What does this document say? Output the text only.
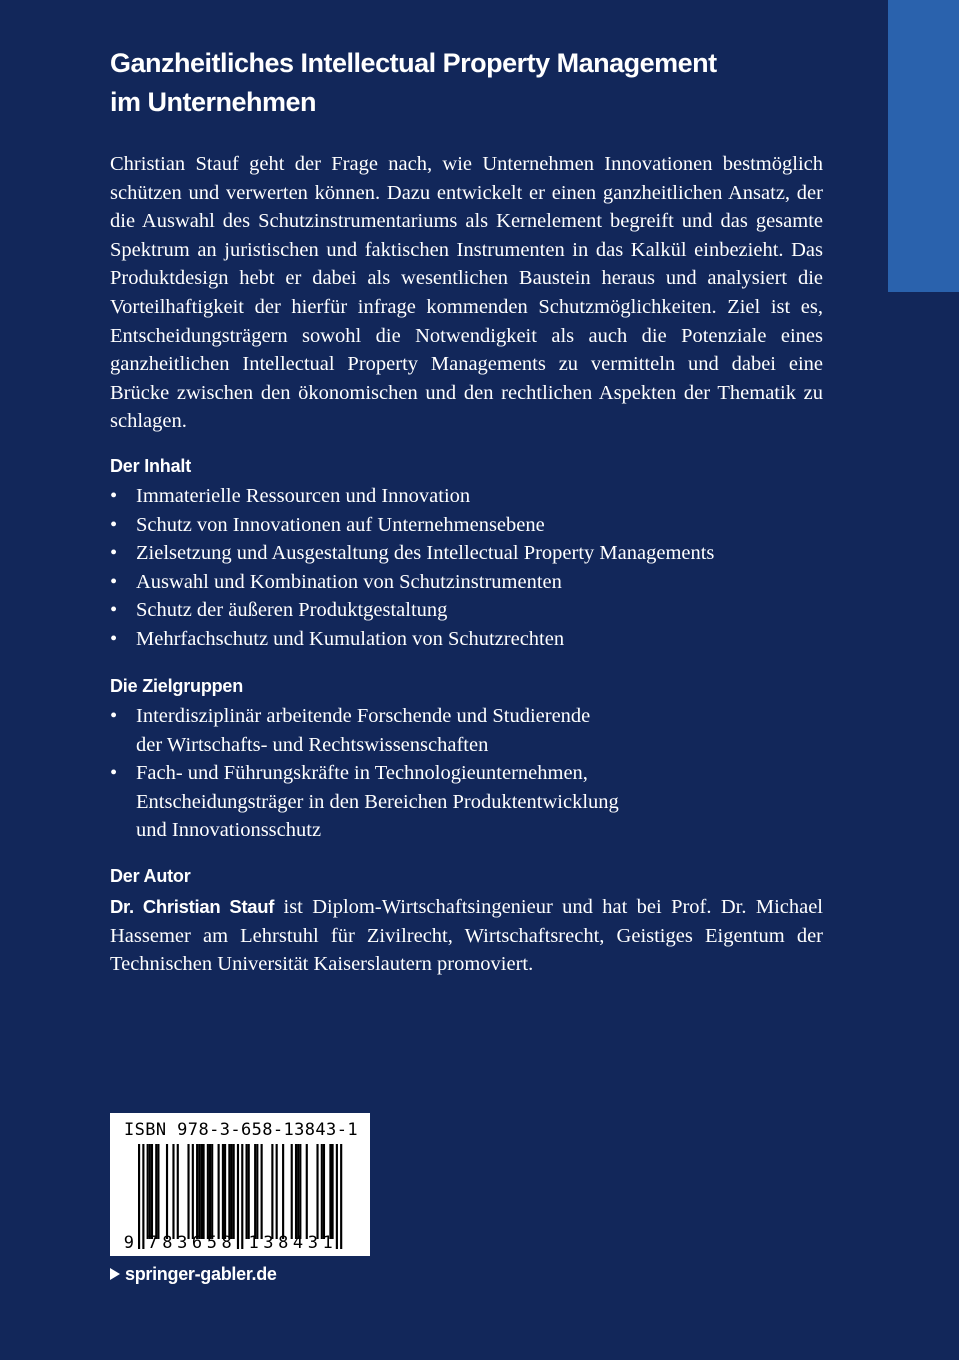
Ganzheitliches Intellectual Property Management
im Unternehmen

Christian Stauf geht der Frage nach, wie Unternehmen Innovationen bestmöglich schützen und verwerten können. Dazu entwickelt er einen ganzheitlichen Ansatz, der die Auswahl des Schutzinstrumentariums als Kernelement begreift und das gesamte Spektrum an juristischen und faktischen Instrumenten in das Kalkül einbezieht. Das Produktdesign hebt er dabei als wesentlichen Baustein heraus und analysiert die Vorteilhaftigkeit der hierfür infrage kommenden Schutzmöglichkeiten. Ziel ist es, Entscheidungsträgern sowohl die Notwendigkeit als auch die Potenziale eines ganzheitlichen Intellectual Property Managements zu vermitteln und dabei eine Brücke zwischen den ökonomischen und den rechtlichen Aspekten der Thematik zu schlagen.

Der Inhalt
• Immaterielle Ressourcen und Innovation
• Schutz von Innovationen auf Unternehmensebene
• Zielsetzung und Ausgestaltung des Intellectual Property Managements
• Auswahl und Kombination von Schutzinstrumenten
• Schutz der äußeren Produktgestaltung
• Mehrfachschutz und Kumulation von Schutzrechten
Die Zielgruppen
• Interdisziplinär arbeitende Forschende und Studierende
der Wirtschafts- und Rechtswissenschaften
• Fach- und Führungskräfte in Technologieunternehmen,
Entscheidungsträger in den Bereichen Produktentwicklung
und Innovationsschutz
Der Autor

Dr. Christian Stauf ist Diplom-Wirtschaftsingenieur und hat bei Prof. Dr. Michael Hassemer am Lehrstuhl für Zivilrecht, Wirtschaftsrecht, Geistiges Eigentum der Technischen Universität Kaiserslautern promoviert.

ISBN 978-3-658-13843-1
9 783658 138431
springer-gabler.de
